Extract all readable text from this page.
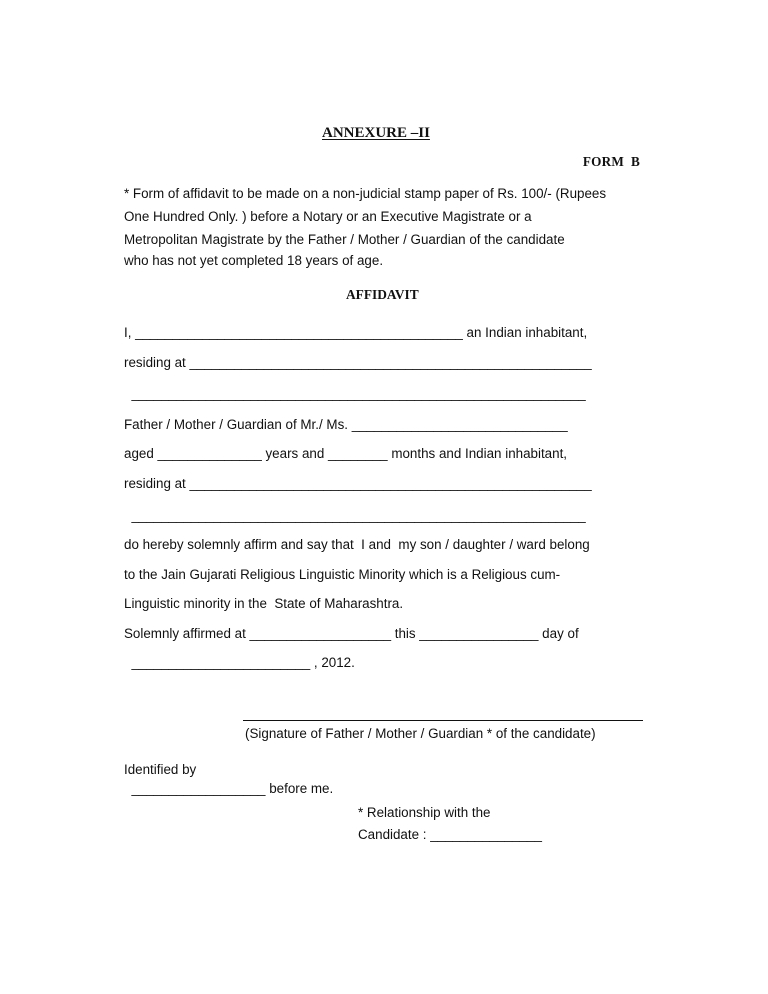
ANNEXURE –II
FORM  B
* Form of affidavit to be made on a non-judicial stamp paper of Rs. 100/- (Rupees
One Hundred Only. ) before a Notary or an Executive Magistrate or a
Metropolitan Magistrate by the Father / Mother / Guardian of the candidate
who has not yet completed 18 years of age.
AFFIDAVIT
I, ____________________________________________ an Indian inhabitant,
residing at ______________________________________________________
_____________________________________________________________
Father / Mother / Guardian of Mr./ Ms. _____________________________
aged ______________ years and ________ months and Indian inhabitant,
residing at ______________________________________________________
_____________________________________________________________
do hereby solemnly affirm and say that  I and  my son / daughter / ward belong
to the Jain Gujarati Religious Linguistic Minority which is a Religious cum-
Linguistic minority in the  State of Maharashtra.
Solemnly affirmed at ___________________ this ________________ day of
________________________ , 2012.
(Signature of Father / Mother / Guardian * of the candidate)
Identified by
__________________ before me.
* Relationship with the
Candidate : _______________
